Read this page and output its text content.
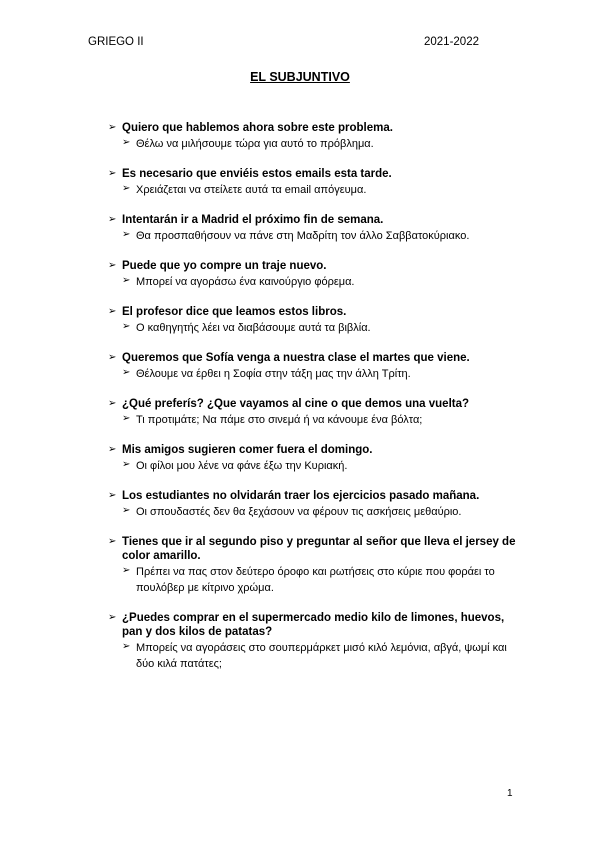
GRIEGO II	2021-2022
EL SUBJUNTIVO
➢ Quiero que hablemos ahora sobre este problema.
➢ Θέλω να μιλήσουμε τώρα για αυτό το πρόβλημα.
➢ Es necesario que enviéis estos emails esta tarde.
➢ Χρειάζεται να στείλετε αυτά τα email απόγευμα.
➢ Intentarán ir a Madrid el próximo fin de semana.
➢ Θα προσπαθήσουν να πάνε στη Μαδρίτη τον άλλο Σαββατοκύριακο.
➢ Puede que yo compre un traje nuevo.
➢ Μπορεί να αγοράσω ένα καινούργιο φόρεμα.
➢ El profesor dice que leamos estos libros.
➢ Ο καθηγητής λέει να διαβάσουμε αυτά τα βιβλία.
➢ Queremos que Sofía venga a nuestra clase el martes que viene.
➢ Θέλουμε να έρθει η Σοφία στην τάξη μας την άλλη Τρίτη.
➢ ¿Qué preferís? ¿Que vayamos al cine o que demos una vuelta?
➢ Τι προτιμάτε; Να πάμε στο σινεμά ή να κάνουμε ένα βόλτα;
➢ Mis amigos sugieren comer fuera el domingo.
➢ Οι φίλοι μου λένε να φάνε έξω την Κυριακή.
➢ Los estudiantes no olvidarán traer los ejercicios pasado mañana.
➢ Οι σπουδαστές δεν θα ξεχάσουν να φέρουν τις ασκήσεις μεθαύριο.
➢ Tienes que ir al segundo piso y preguntar al señor que lleva el jersey de color amarillo.
➢ Πρέπει να πας στον δεύτερο όροφο και ρωτήσεις στο κύριε που φοράει το πουλόβερ με κίτρινο χρώμα.
➢ ¿Puedes comprar en el supermercado medio kilo de limones, huevos, pan y dos kilos de patatas?
➢ Μπορείς να αγοράσεις στο σουπερμάρκετ μισό κιλό λεμόνια, αβγά, ψωμί και δύο κιλά πατάτες;
1
